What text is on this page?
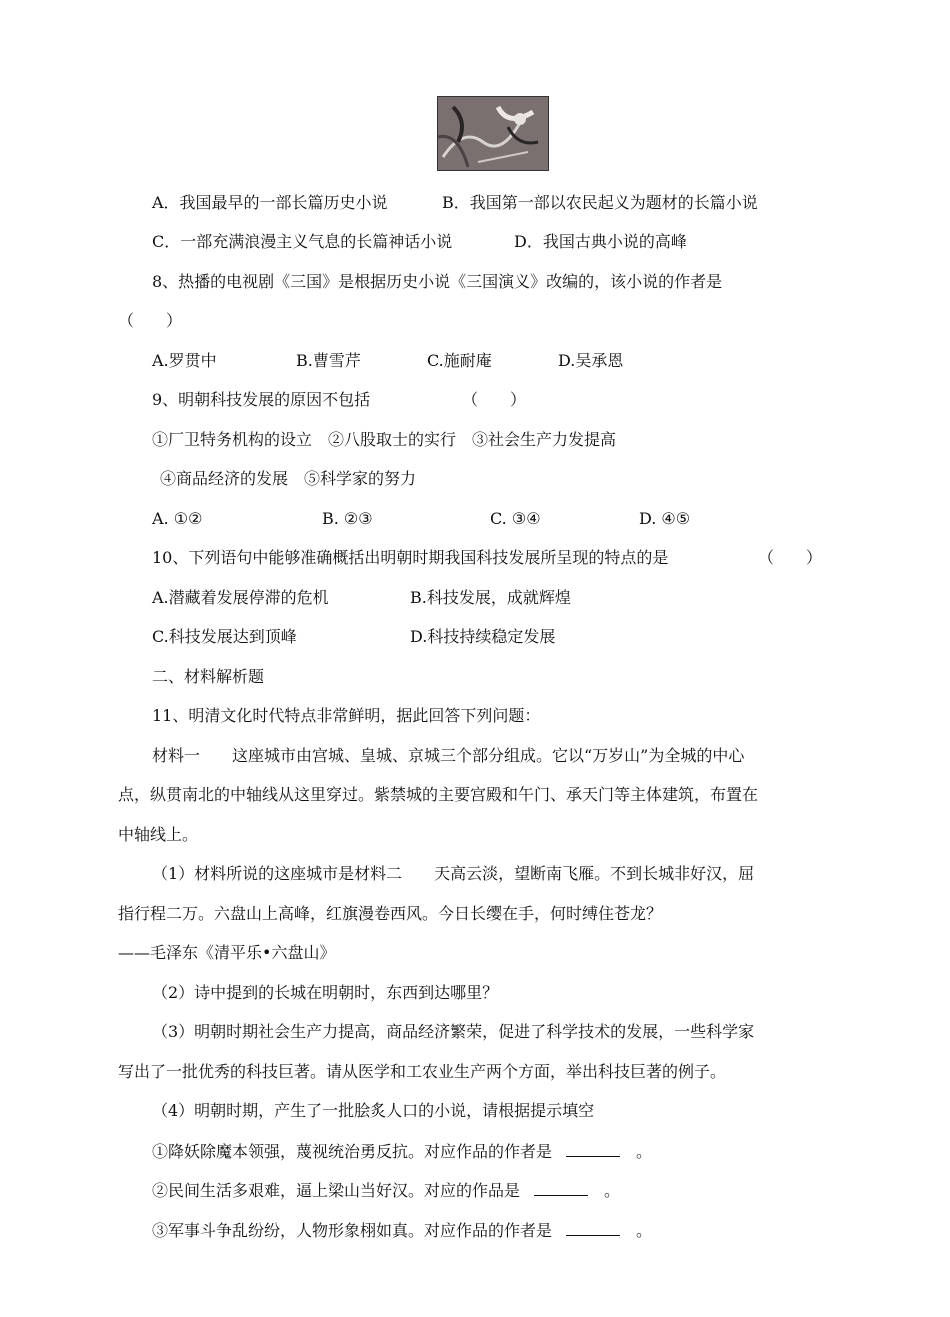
A．我国最早的一部长篇历史小说	B．我国第一部以农民起义为题材的长篇小说
C．一部充满浪漫主义气息的长篇神话小说	D．我国古典小说的高峰
8、热播的电视剧《三国》是根据历史小说《三国演义》改编的，该小说的作者是
（　　）
A.罗贯中	B.曹雪芹	C.施耐庵	D.吴承恩
9、明朝科技发展的原因不包括	（　　）
①厂卫特务机构的设立　②八股取士的实行　③社会生产力发提高
④商品经济的发展　⑤科学家的努力
A. ①②	B. ②③	C. ③④	D. ④⑤
10、下列语句中能够准确概括出明朝时期我国科技发展所呈现的特点的是	（　　）
A.潜藏着发展停滞的危机	B.科技发展，成就辉煌
C.科技发展达到顶峰	D.科技持续稳定发展
二、材料解析题
11、明清文化时代特点非常鲜明，据此回答下列问题：
材料一　　这座城市由宫城、皇城、京城三个部分组成。它以“万岁山”为全城的中心
点，纵贯南北的中轴线从这里穿过。紫禁城的主要宫殿和午门、承天门等主体建筑，布置在
中轴线上。
（1）材料所说的这座城市是材料二　　天高云淡，望断南飞雁。不到长城非好汉，屈
指行程二万。六盘山上高峰，红旗漫卷西风。今日长缨在手，何时缚住苍龙？
——毛泽东《清平乐•六盘山》
（2）诗中提到的长城在明朝时，东西到达哪里？
（3）明朝时期社会生产力提高，商品经济繁荣，促进了科学技术的发展，一些科学家
写出了一批优秀的科技巨著。请从医学和工农业生产两个方面，举出科技巨著的例子。
（4）明朝时期，产生了一批脍炙人口的小说，请根据提示填空
①降妖除魔本领强，蔑视统治勇反抗。对应作品的作者是	。
②民间生活多艰难，逼上梁山当好汉。对应的作品是	。
③军事斗争乱纷纷，人物形象栩如真。对应作品的作者是	。
